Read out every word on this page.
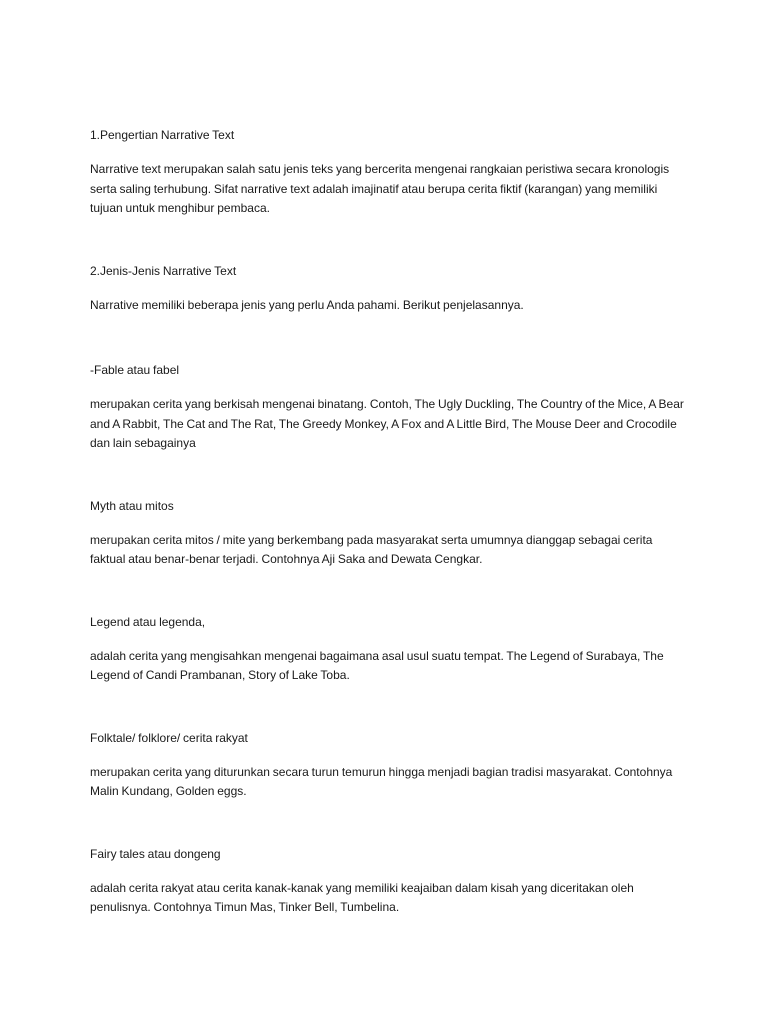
1.Pengertian Narrative Text

Narrative text merupakan salah satu jenis teks yang bercerita mengenai rangkaian peristiwa secara kronologis serta saling terhubung. Sifat narrative text adalah imajinatif atau berupa cerita fiktif (karangan) yang memiliki tujuan untuk menghibur pembaca.

2.Jenis-Jenis Narrative Text

Narrative memiliki beberapa jenis yang perlu Anda pahami. Berikut penjelasannya.

-Fable atau fabel

merupakan cerita yang berkisah mengenai binatang. Contoh, The Ugly Duckling, The Country of the Mice, A Bear and A Rabbit, The Cat and The Rat, The Greedy Monkey, A Fox and A Little Bird, The Mouse Deer and Crocodile dan lain sebagainya

Myth atau mitos

merupakan cerita mitos / mite yang berkembang pada masyarakat serta umumnya dianggap sebagai cerita faktual atau benar-benar terjadi. Contohnya Aji Saka and Dewata Cengkar.

Legend atau legenda,

adalah cerita yang mengisahkan mengenai bagaimana asal usul suatu tempat. The Legend of Surabaya, The Legend of Candi Prambanan, Story of Lake Toba.

Folktale/ folklore/ cerita rakyat

merupakan cerita yang diturunkan secara turun temurun hingga menjadi bagian tradisi masyarakat. Contohnya Malin Kundang, Golden eggs.

Fairy tales atau dongeng

adalah cerita rakyat atau cerita kanak-kanak yang memiliki keajaiban dalam kisah yang diceritakan oleh penulisnya. Contohnya Timun Mas, Tinker Bell, Tumbelina.
